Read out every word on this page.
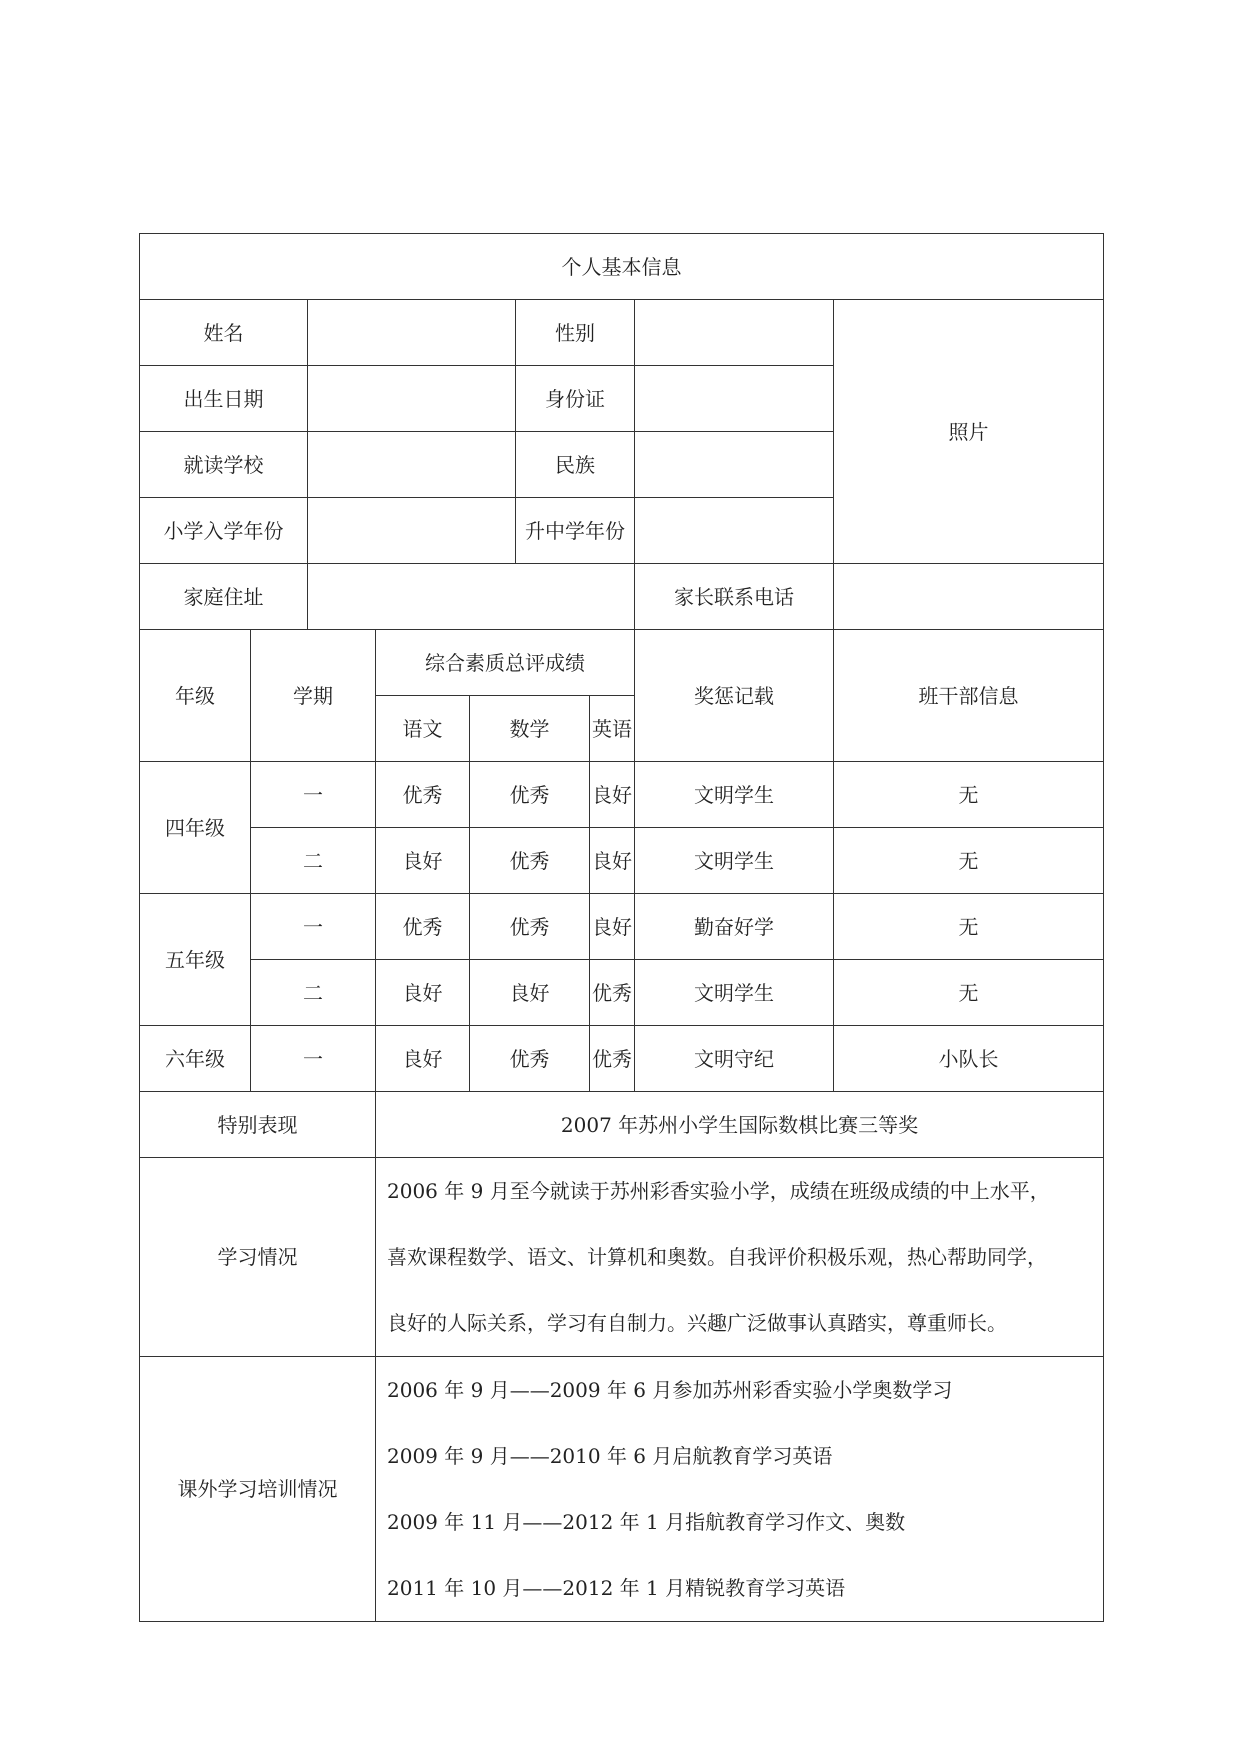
个人基本信息								
姓名					性别			照片
出生日期					身份证			
就读学校					民族			
小学入学年份					升中学年份			
家庭住址							家长联系电话	
年级	学期		综合素质总评成绩				奖惩记载	班干部信息
			语文	数学		英语		
四年级	一		优秀	优秀		良好	文明学生	无
	二		良好	优秀		良好	文明学生	无
五年级	一		优秀	优秀		良好	勤奋好学	无
	二		良好	良好		优秀	文明学生	无
六年级	一		良好	优秀		优秀	文明守纪	小队长
特别表现			2007 年苏州小学生国际数棋比赛三等奖					
学习情况			2006 年 9 月至今就读于苏州彩香实验小学，成绩在班级成绩的中上水平，
喜欢课程数学、语文、计算机和奥数。自我评价积极乐观，热心帮助同学，
良好的人际关系，学习有自制力。兴趣广泛做事认真踏实，尊重师长。					

课外学习培训情况			2006 年 9 月——2009 年 6 月参加苏州彩香实验小学奥数学习
2009 年 9 月——2010 年 6 月启航教育学习英语
2009 年 11 月——2012 年 1 月指航教育学习作文、奥数
2011 年 10 月——2012 年 1 月精锐教育学习英语					
